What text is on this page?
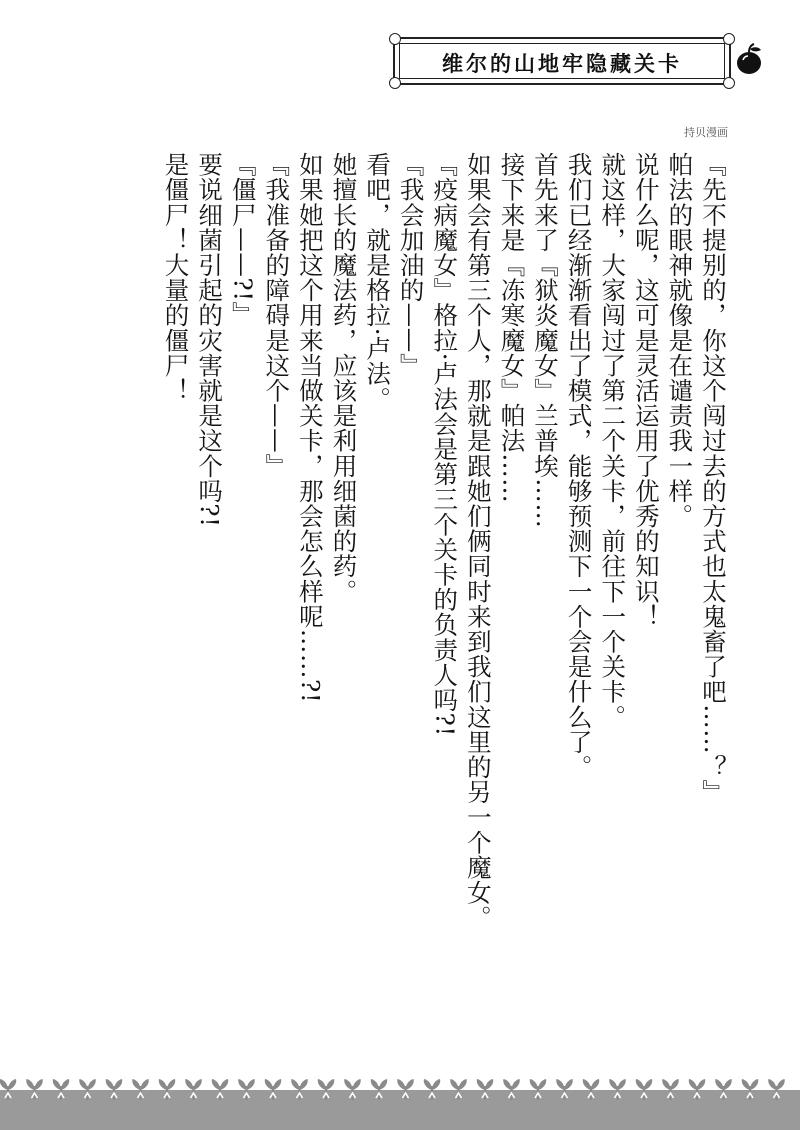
维尔的山地牢隐藏关卡
持贝漫画

『先不提别的，你这个闯过去的方式也太鬼畜了吧……？』

帕法的眼神就像是在谴责我一样。

说什么呢，这可是灵活运用了优秀的知识！

就这样，大家闯过了第二个关卡，前往下一个关卡。

我们已经渐渐看出了模式，能够预测下一个会是什么了。

首先来了『狱炎魔女』兰普埃……

接下来是『冻寒魔女』帕法……

如果会有第三个人，那就是跟她们俩同时来到我们这里的另一个魔女。

『疫病魔女』格拉·卢法会是第三个关卡的负责人吗?!

『我会加油的——』

看吧，就是格拉·卢法。

她擅长的魔法药，应该是利用细菌的药。

如果她把这个用来当做关卡，那会怎么样呢……?!

『我准备的障碍是这个——』

『僵尸——?!』

要说细菌引起的灾害就是这个吗?!

是僵尸！大量的僵尸！
